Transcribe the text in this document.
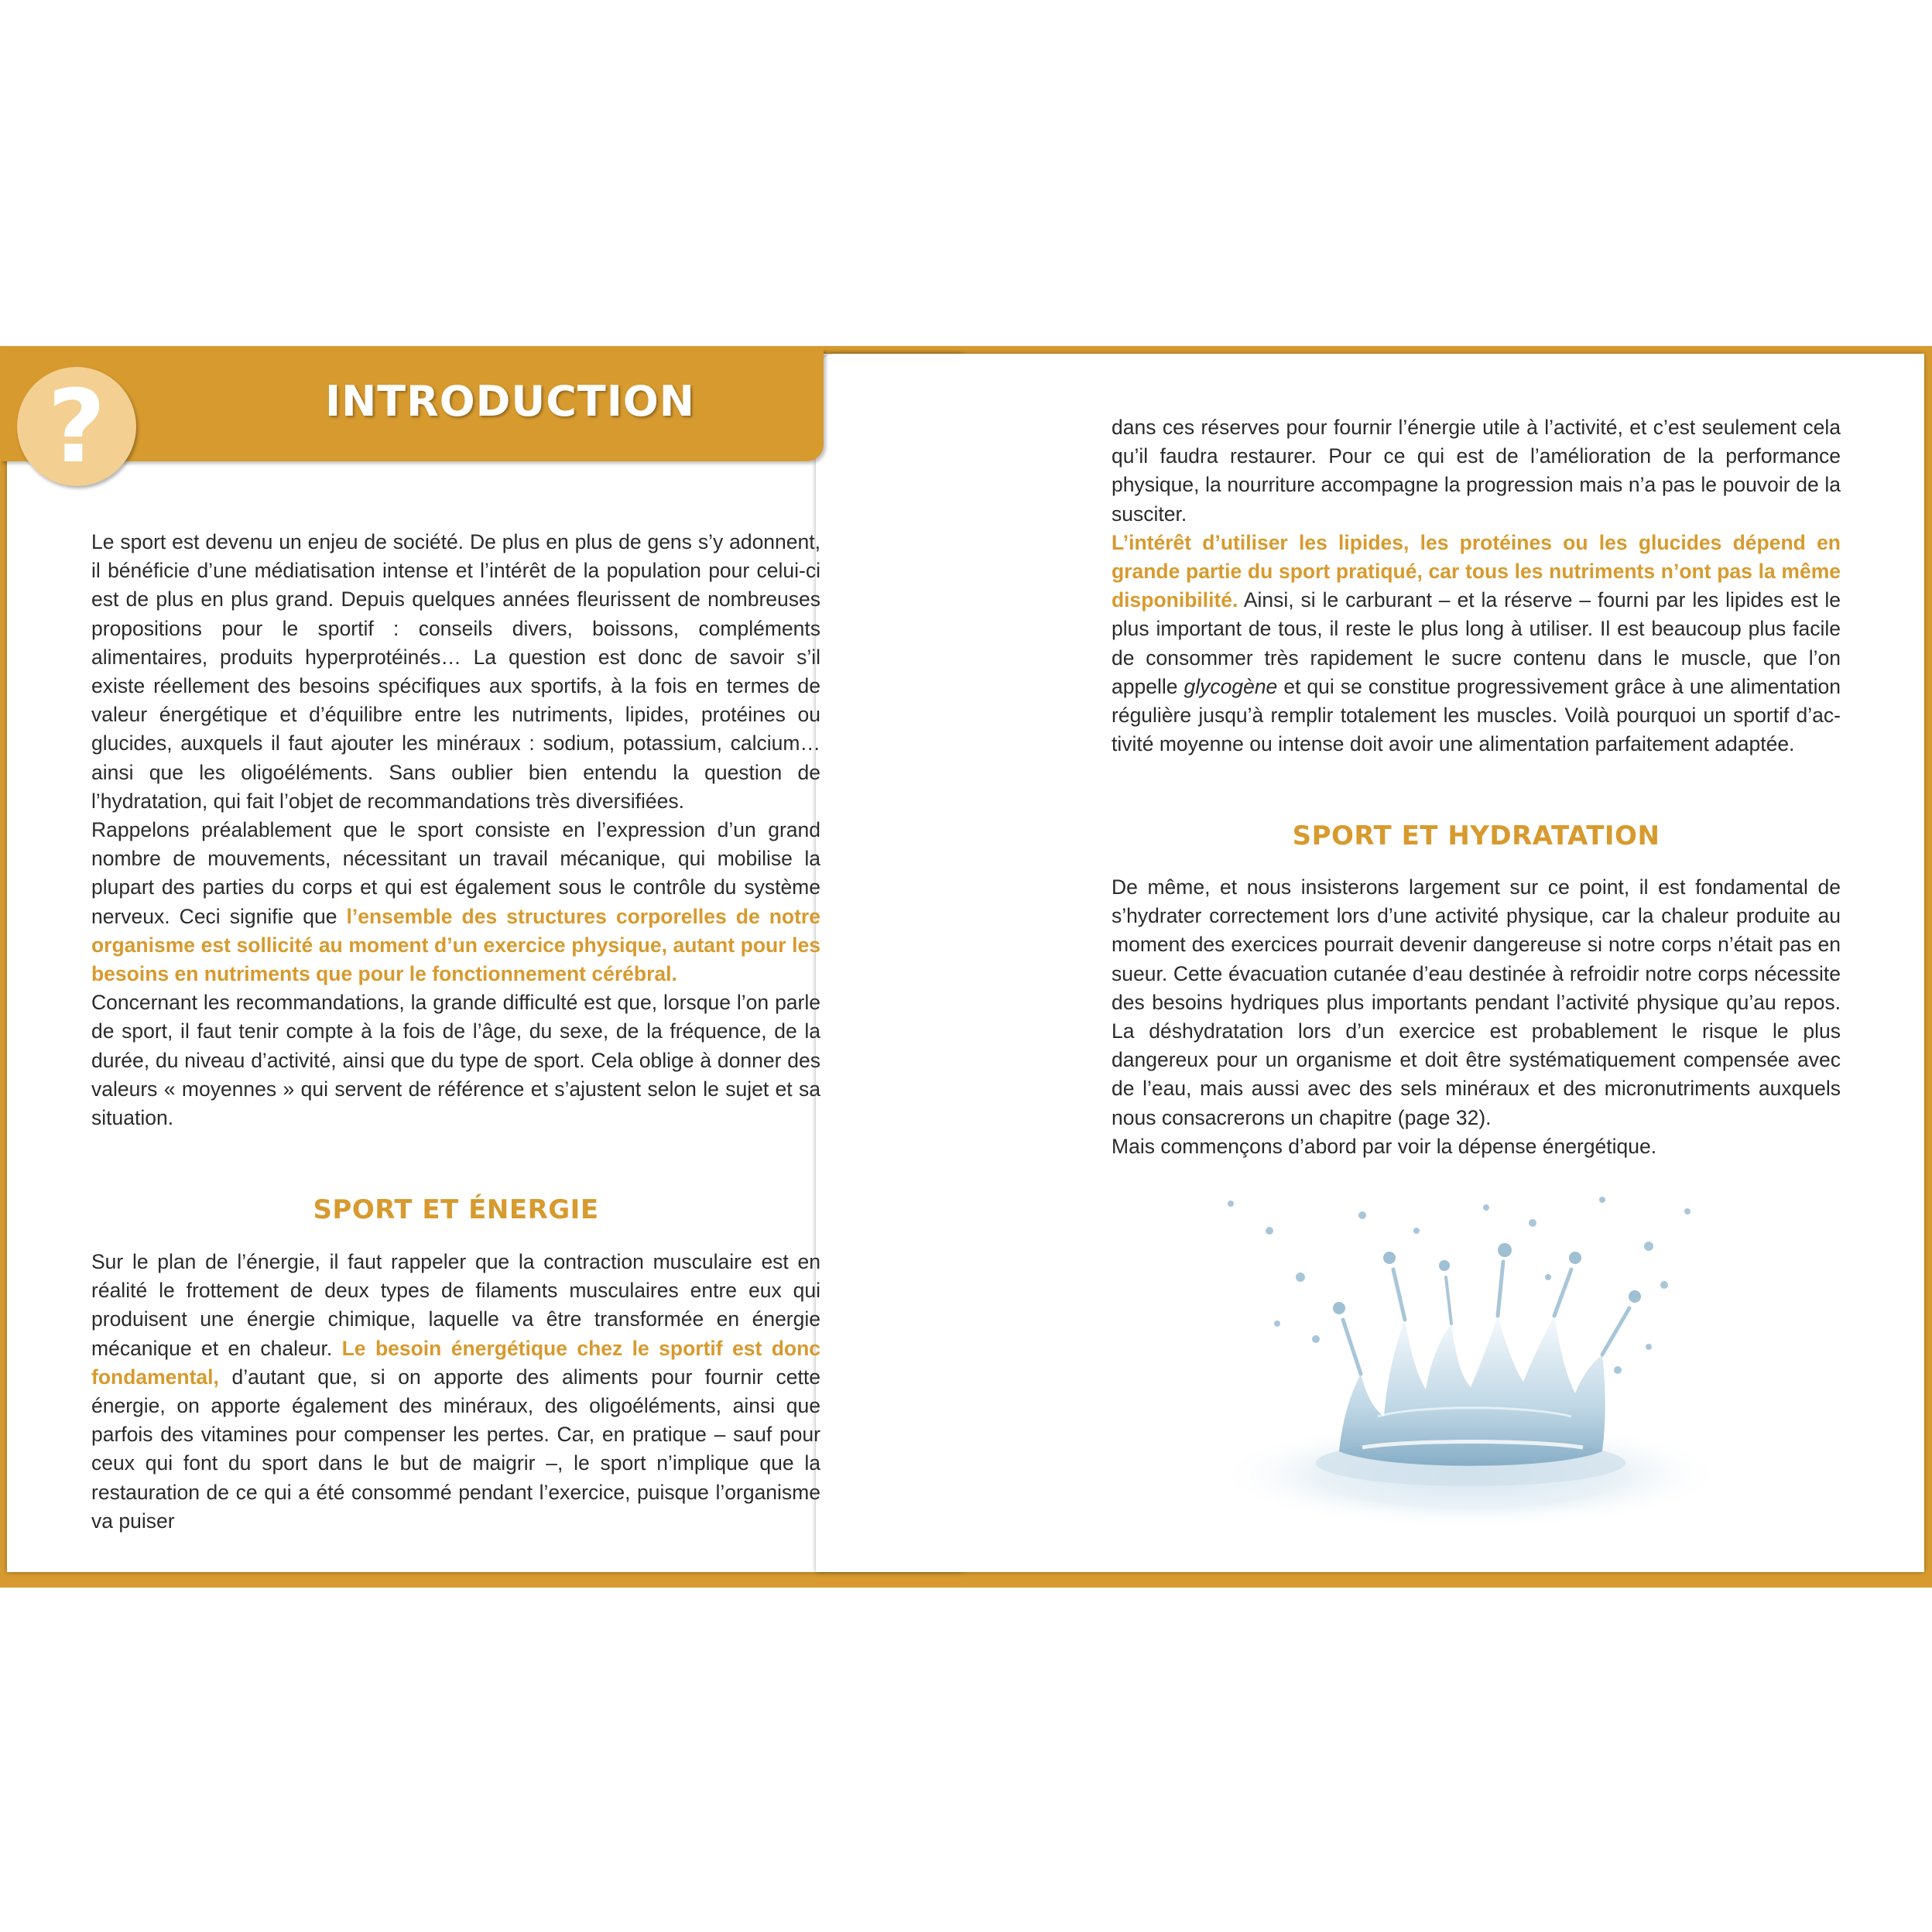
8	9
INTRODUCTION
?

Le sport est devenu un enjeu de société. De plus en plus de gens s’y adonnent, il bénéficie d’une médiatisation intense et l’intérêt de la population pour celui-ci est de plus en plus grand. Depuis quelques années fleurissent de nombreuses propositions pour le sportif : conseils divers, boissons, compléments alimentaires, produits hyperprotéinés… La question est donc de savoir s’il existe réellement des besoins spécifiques aux sportifs, à la fois en termes de valeur énergétique et d’équilibre entre les nutriments, lipides, protéines ou glucides, auxquels il faut ajouter les minéraux : sodium, potassium, calcium… ainsi que les oligoéléments. Sans oublier bien entendu la question de l’hydratation, qui fait l’objet de recommandations très diversifiées.

Rappelons préalablement que le sport consiste en l’expression d’un grand nombre de mouvements, nécessitant un travail mécanique, qui mobilise la plupart des parties du corps et qui est également sous le contrôle du système nerveux. Ceci signifie que l’ensemble des structures corporelles de notre organisme est sollicité au moment d’un exercice physique, autant pour les besoins en nutriments que pour le fonctionnement cérébral.

Concernant les recommandations, la grande difficulté est que, lorsque l’on parle de sport, il faut tenir compte à la fois de l’âge, du sexe, de la fréquence, de la durée, du niveau d’activité, ainsi que du type de sport. Cela oblige à donner des valeurs « moyennes » qui servent de référence et s’ajustent selon le sujet et sa situation.

SPORT ET ÉNERGIE

Sur le plan de l’énergie, il faut rappeler que la contraction musculaire est en réalité le frottement de deux types de filaments musculaires entre eux qui produisent une énergie chimique, laquelle va être transformée en énergie mécanique et en chaleur. Le besoin énergétique chez le sportif est donc fondamental, d’autant que, si on apporte des aliments pour fournir cette énergie, on apporte également des minéraux, des oligoéléments, ainsi que parfois des vitamines pour compenser les pertes. Car, en pratique – sauf pour ceux qui font du sport dans le but de maigrir –, le sport n’implique que la restauration de ce qui a été consommé pendant l’exercice, puisque l’organisme va puiser

dans ces réserves pour fournir l’énergie utile à l’activité, et c’est seulement cela qu’il faudra restaurer. Pour ce qui est de l’amélioration de la performance physique, la nourriture accompagne la progression mais n’a pas le pouvoir de la susciter.

L’intérêt d’utiliser les lipides, les protéines ou les glucides dépend en grande partie du sport pratiqué, car tous les nutriments n’ont pas la même disponibilité. Ainsi, si le carburant – et la réserve – fourni par les lipides est le plus important de tous, il reste le plus long à utiliser. Il est beaucoup plus facile de consommer très rapidement le sucre contenu dans le muscle, que l’on appelle glycogène et qui se constitue progressivement grâce à une alimentation régulière jusqu’à remplir totalement les muscles. Voilà pourquoi un sportif d’activité moyenne ou intense doit avoir une alimentation parfaitement adaptée.

SPORT ET HYDRATATION

De même, et nous insisterons largement sur ce point, il est fondamental de s’hydrater correctement lors d’une activité physique, car la chaleur produite au moment des exercices pourrait devenir dangereuse si notre corps n’était pas en sueur. Cette évacuation cutanée d’eau destinée à refroidir notre corps nécessite des besoins hydriques plus importants pendant l’activité physique qu’au repos. La déshydratation lors d’un exercice est probablement le risque le plus dangereux pour un organisme et doit être systématiquement compensée avec de l’eau, mais aussi avec des sels minéraux et des micronutriments auxquels nous consacrerons un chapitre (page 32).

Mais commençons d’abord par voir la dépense énergétique.
